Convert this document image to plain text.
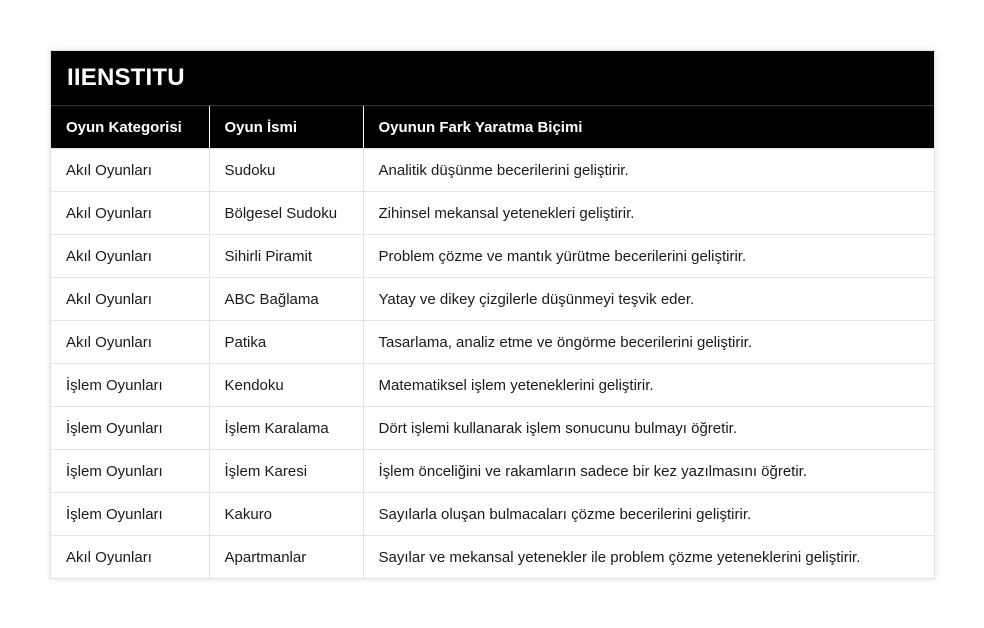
IIENSTITU
Oyun Kategorisi	Oyun İsmi	Oyunun Fark Yaratma Biçimi
Akıl Oyunları	Sudoku	Analitik düşünme becerilerini geliştirir.
Akıl Oyunları	Bölgesel Sudoku	Zihinsel mekansal yetenekleri geliştirir.
Akıl Oyunları	Sihirli Piramit	Problem çözme ve mantık yürütme becerilerini geliştirir.
Akıl Oyunları	ABC Bağlama	Yatay ve dikey çizgilerle düşünmeyi teşvik eder.
Akıl Oyunları	Patika	Tasarlama, analiz etme ve öngörme becerilerini geliştirir.
İşlem Oyunları	Kendoku	Matematiksel işlem yeteneklerini geliştirir.
İşlem Oyunları	İşlem Karalama	Dört işlemi kullanarak işlem sonucunu bulmayı öğretir.
İşlem Oyunları	İşlem Karesi	İşlem önceliğini ve rakamların sadece bir kez yazılmasını öğretir.
İşlem Oyunları	Kakuro	Sayılarla oluşan bulmacaları çözme becerilerini geliştirir.
Akıl Oyunları	Apartmanlar	Sayılar ve mekansal yetenekler ile problem çözme yeteneklerini geliştirir.
